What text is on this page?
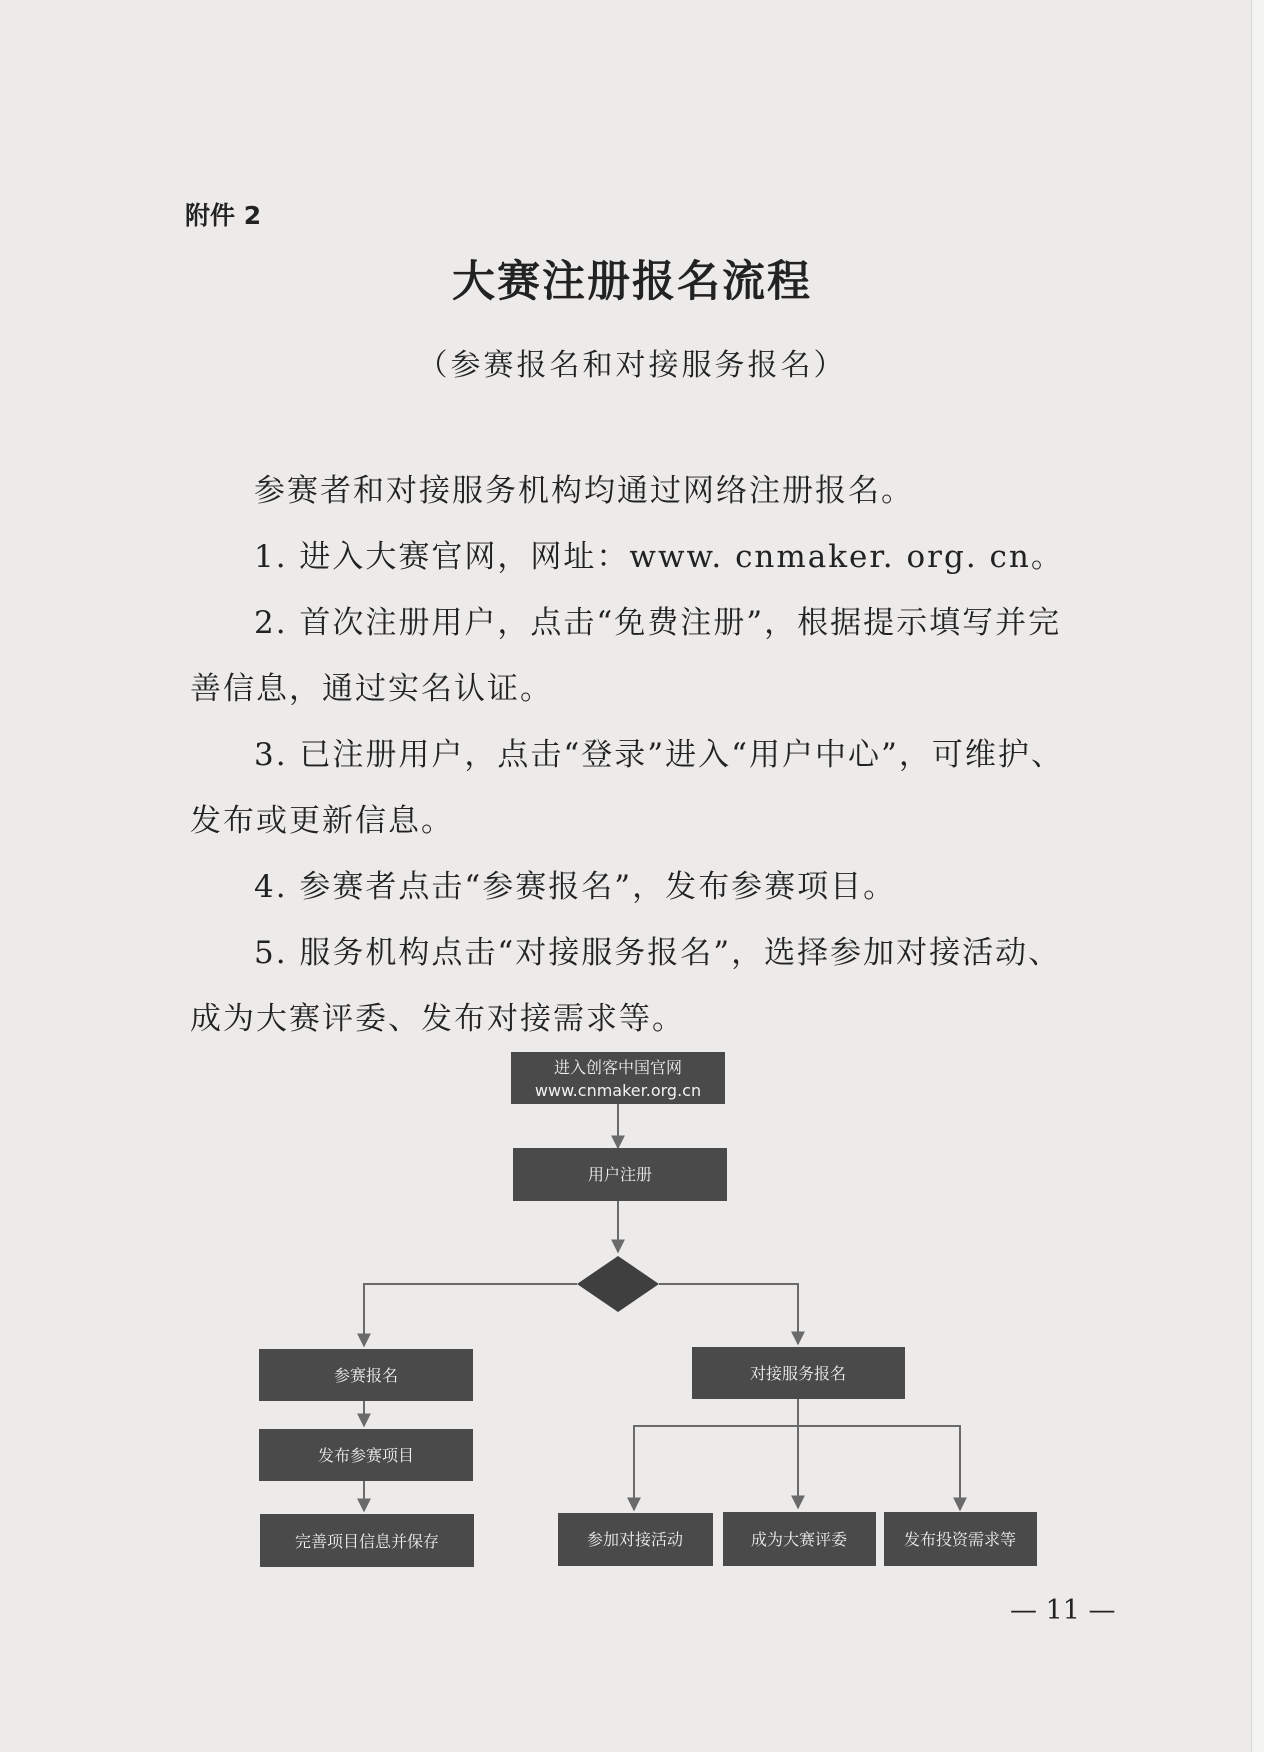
附件 2
大赛注册报名流程
（参赛报名和对接服务报名）
参赛者和对接服务机构均通过网络注册报名。
1. 进入大赛官网，网址：www. cnmaker. org. cn。
2. 首次注册用户，点击“免费注册”，根据提示填写并完善信息，通过实名认证。
3. 已注册用户，点击“登录”进入“用户中心”，可维护、发布或更新信息。
4. 参赛者点击“参赛报名”，发布参赛项目。
5. 服务机构点击“对接服务报名”，选择参加对接活动、成为大赛评委、发布对接需求等。
进入创客中国官网
www.cnmaker.org.cn
用户注册
参赛报名	对接服务报名
发布参赛项目
完善项目信息并保存	参加对接活动	成为大赛评委	发布投资需求等
— 11 —
